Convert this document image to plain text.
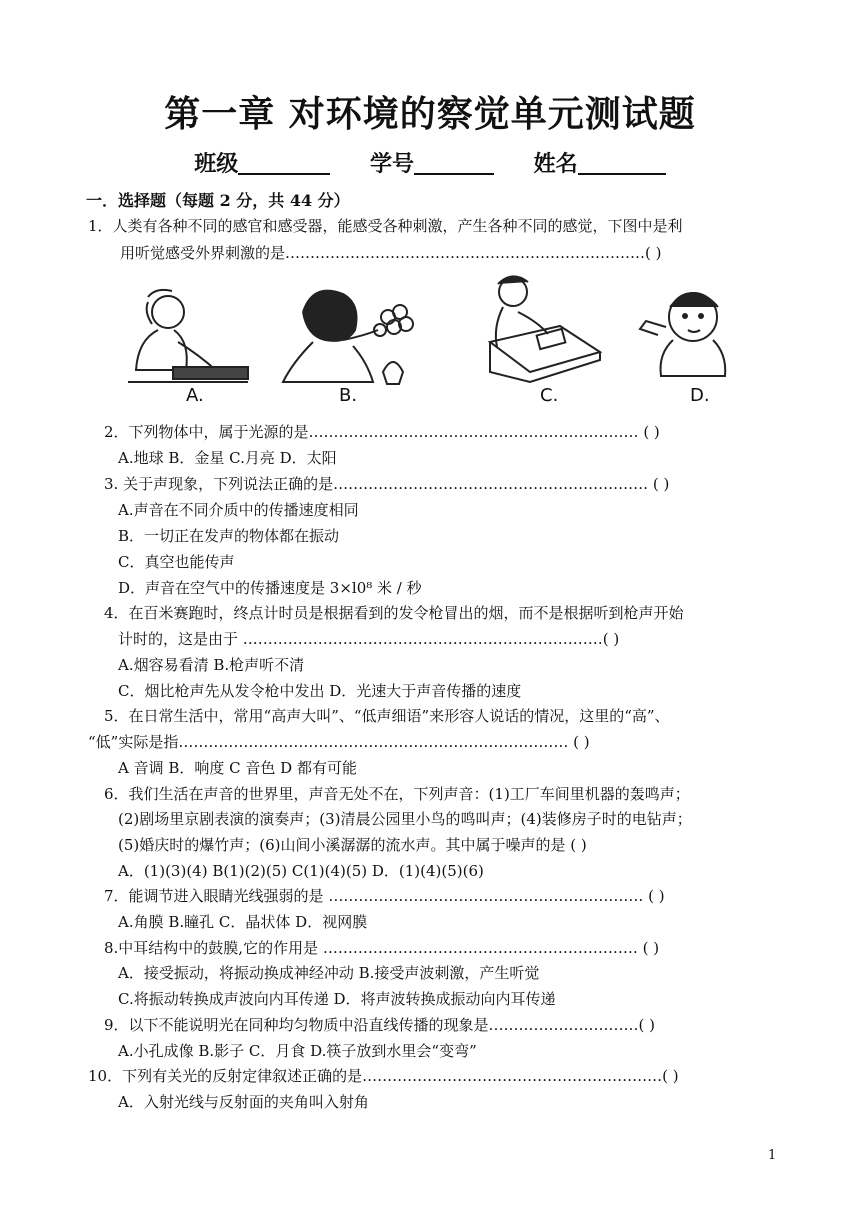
第一章 对环境的察觉单元测试题
班级	学号	姓名
一．选择题（每题 2 分，共 44 分）
1．人类有各种不同的感官和感受器，能感受各种刺激，产生各种不同的感觉，下图中是利
用听觉感受外界刺激的是………………………………………………………………( )
A.	B.	C.	D.
2．下列物体中，属于光源的是………………………………………………………… ( )
A.地球 B．金星 C.月亮 D．太阳
3. 关于声现象，下列说法正确的是……………………………………………………… ( )
A.声音在不同介质中的传播速度相同
B．一切正在发声的物体都在振动
C．真空也能传声
D．声音在空气中的传播速度是 3×l0⁸ 米 / 秒
4．在百米赛跑时，终点计时员是根据看到的发令枪冒出的烟，而不是根据听到枪声开始
计时的，这是由于 ………………………………………………………………( )
A.烟容易看清 B.枪声听不清
C．烟比枪声先从发令枪中发出 D．光速大于声音传播的速度
5．在日常生活中，常用“高声大叫”、“低声细语”来形容人说话的情况，这里的“高”、
“低”实际是指…………………………………………………………………… ( )
A 音调 B．响度 C 音色 D 都有可能
6．我们生活在声音的世界里，声音无处不在，下列声音：(1)工厂车间里机器的轰鸣声；
(2)剧场里京剧表演的演奏声；(3)清晨公园里小鸟的鸣叫声；(4)装修房子时的电钻声；
(5)婚庆时的爆竹声；(6)山间小溪潺潺的流水声。其中属于噪声的是 ( )
A．(1)(3)(4) B(1)(2)(5) C(1)(4)(5) D．(1)(4)(5)(6)
7．能调节进入眼睛光线强弱的是 ……………………………………………………… ( )
A.角膜 B.瞳孔 C．晶状体 D．视网膜
8.中耳结构中的鼓膜,它的作用是 ……………………………………………………… ( )
A．接受振动，将振动换成神经冲动 B.接受声波刺激，产生听觉
C.将振动转换成声波向内耳传递 D．将声波转换成振动向内耳传递
9．以下不能说明光在同种均匀物质中沿直线传播的现象是…………………………( )
A.小孔成像 B.影子 C．月食 D.筷子放到水里会“变弯”
10．下列有关光的反射定律叙述正确的是……………………………………………………( )
A．入射光线与反射面的夹角叫入射角
1
